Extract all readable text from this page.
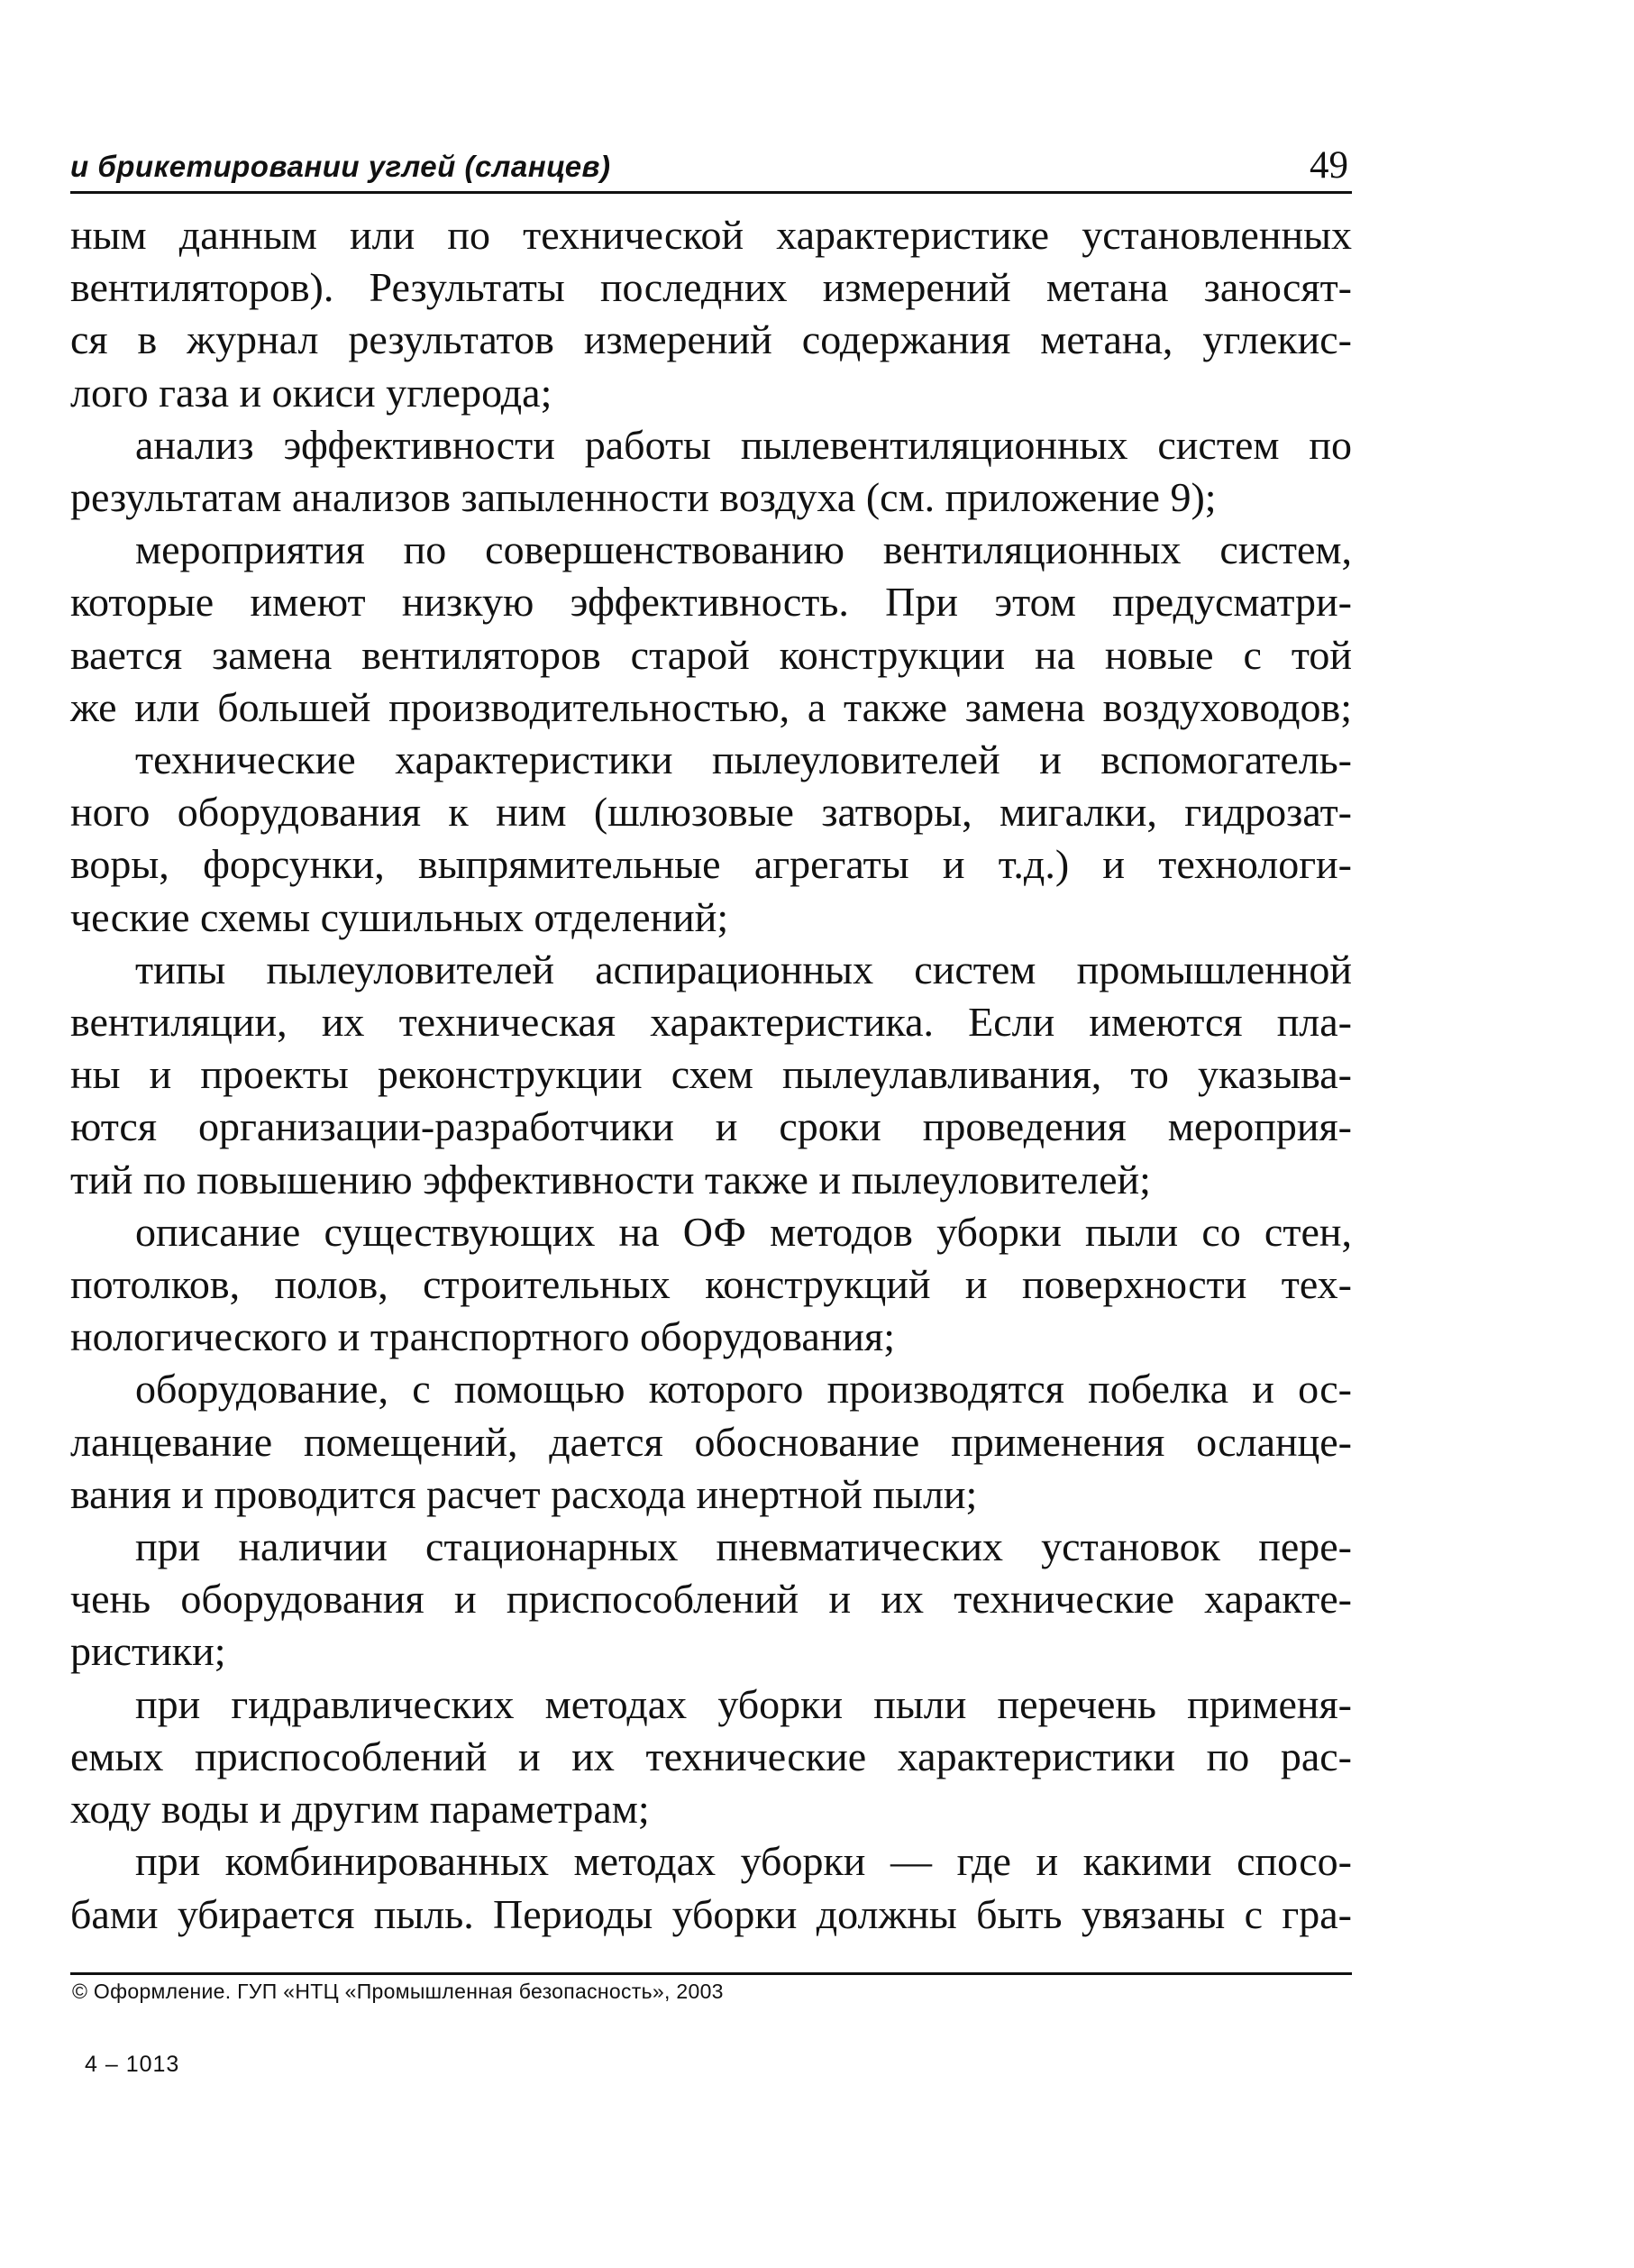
и брикетировании углей (сланцев)	49

ным данным или по технической характеристике установленных
вентиляторов). Результаты последних измерений метана заносят-
ся в журнал результатов измерений содержания метана, углекис-
лого газа и окиси углерода;

анализ эффективности работы пылевентиляционных систем по
результатам анализов запыленности воздуха (см. приложение 9);

мероприятия по совершенствованию вентиляционных систем,
которые имеют низкую эффективность. При этом предусматри-
вается замена вентиляторов старой конструкции на новые с той
же или большей производительностью, а также замена воздуховодов;

технические характеристики пылеуловителей и вспомогатель-
ного оборудования к ним (шлюзовые затворы, мигалки, гидрозат-
воры, форсунки, выпрямительные агрегаты и т.д.) и технологи-
ческие схемы сушильных отделений;

типы пылеуловителей аспирационных систем промышленной
вентиляции, их техническая характеристика. Если имеются пла-
ны и проекты реконструкции схем пылеулавливания, то указыва-
ются организации-разработчики и сроки проведения мероприя-
тий по повышению эффективности также и пылеуловителей;

описание существующих на ОФ методов уборки пыли со стен,
потолков, полов, строительных конструкций и поверхности тех-
нологического и транспортного оборудования;

оборудование, с помощью которого производятся побелка и ос-
ланцевание помещений, дается обоснование применения осланце-
вания и проводится расчет расхода инертной пыли;

при наличии стационарных пневматических установок пере-
чень оборудования и приспособлений и их технические характе-
ристики;

при гидравлических методах уборки пыли перечень применя-
емых приспособлений и их технические характеристики по рас-
ходу воды и другим параметрам;

при комбинированных методах уборки — где и какими спосо-
бами убирается пыль. Периоды уборки должны быть увязаны с гра-

© Оформление. ГУП «НТЦ «Промышленная безопасность», 2003
4 – 1013
